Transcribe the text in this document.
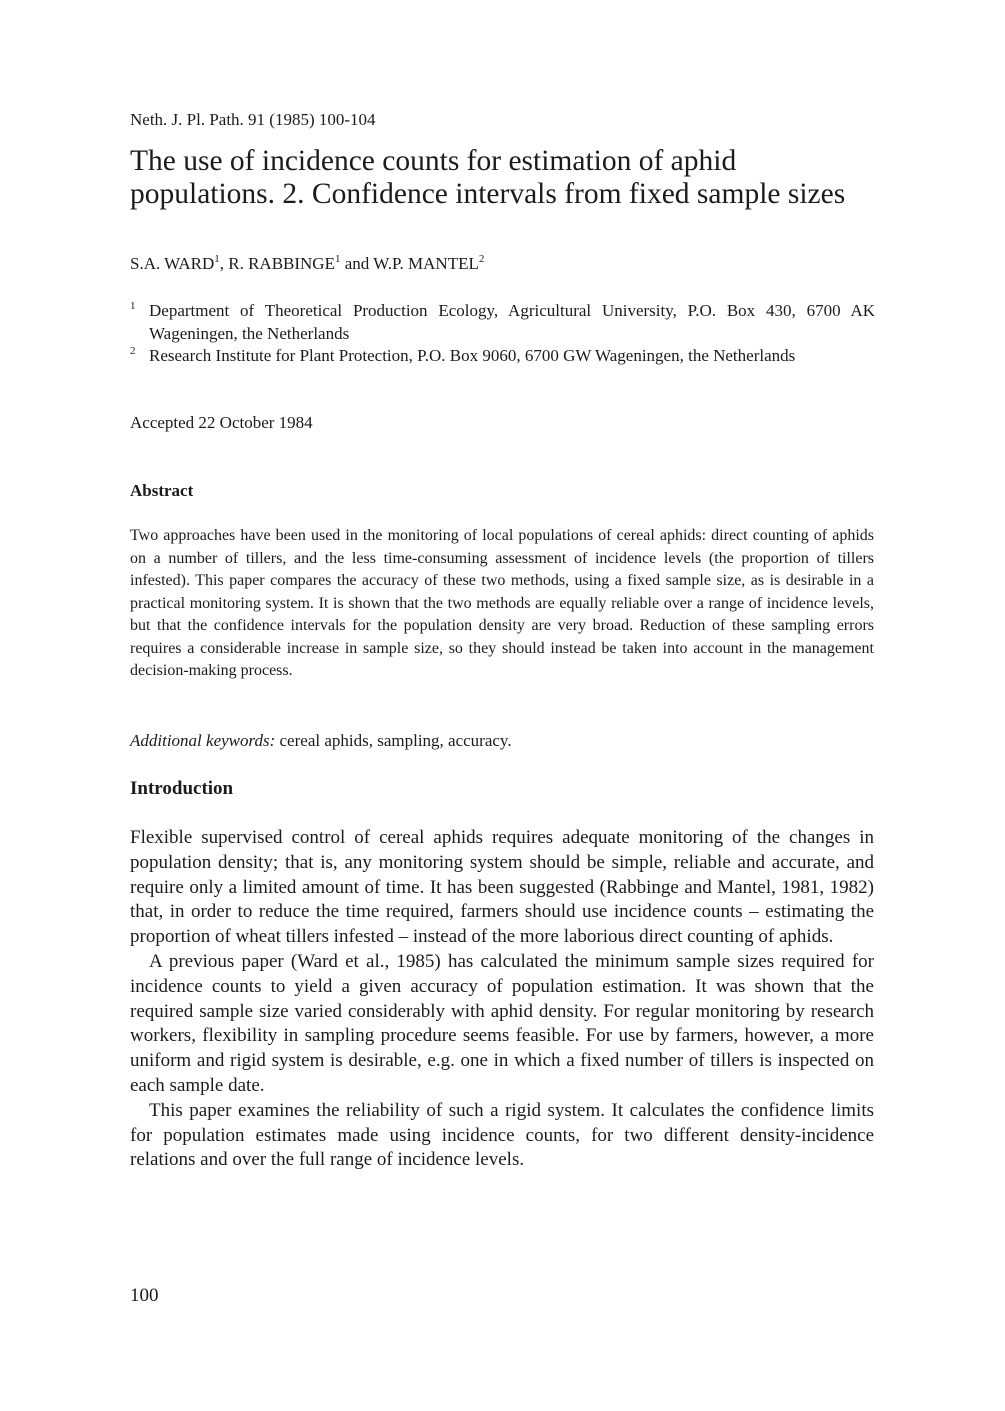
Neth. J. Pl. Path. 91 (1985) 100-104
The use of incidence counts for estimation of aphid
populations. 2. Confidence intervals from fixed sample sizes
S.A. WARD$^1$, R. RABBINGE$^1$ and W.P. MANTEL$^2$
1 Department of Theoretical Production Ecology, Agricultural University, P.O. Box 430, 6700 AK Wageningen, the Netherlands
2 Research Institute for Plant Protection, P.O. Box 9060, 6700 GW Wageningen, the Netherlands
Accepted 22 October 1984
Abstract

Two approaches have been used in the monitoring of local populations of cereal aphids: direct counting of aphids on a number of tillers, and the less time-consuming assessment of incidence levels (the proportion of tillers infested). This paper compares the accuracy of these two methods, using a fixed sample size, as is desirable in a practical monitoring system. It is shown that the two methods are equally reliable over a range of incidence levels, but that the confidence intervals for the population density are very broad. Reduction of these sampling errors requires a considerable increase in sample size, so they should instead be taken into account in the management decision-making process.

Additional keywords: cereal aphids, sampling, accuracy.
Introduction

Flexible supervised control of cereal aphids requires adequate monitoring of the changes in population density; that is, any monitoring system should be simple, reliable and accurate, and require only a limited amount of time. It has been suggested (Rabbinge and Mantel, 1981, 1982) that, in order to reduce the time required, farmers should use incidence counts – estimating the proportion of wheat tillers infested – instead of the more laborious direct counting of aphids.

A previous paper (Ward et al., 1985) has calculated the minimum sample sizes required for incidence counts to yield a given accuracy of population estimation. It was shown that the required sample size varied considerably with aphid density. For regular monitoring by research workers, flexibility in sampling procedure seems feasible. For use by farmers, however, a more uniform and rigid system is desirable, e.g. one in which a fixed number of tillers is inspected on each sample date.

This paper examines the reliability of such a rigid system. It calculates the confidence limits for population estimates made using incidence counts, for two different density-incidence relations and over the full range of incidence levels.

100
